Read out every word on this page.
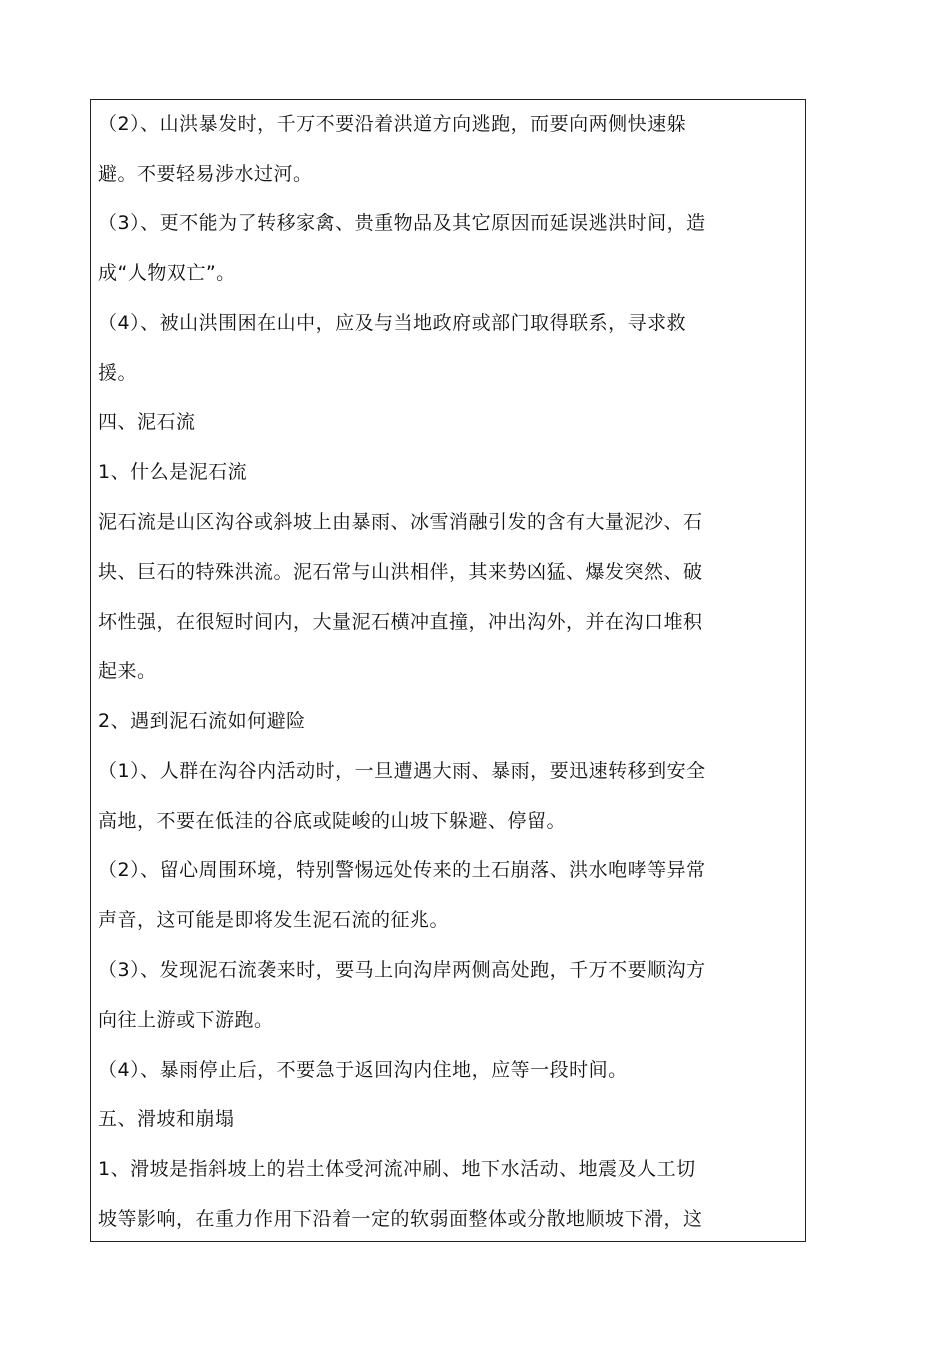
（2）、山洪暴发时，千万不要沿着洪道方向逃跑，而要向两侧快速躲
避。不要轻易涉水过河。
（3）、更不能为了转移家禽、贵重物品及其它原因而延误逃洪时间，造
成“人物双亡”。
（4）、被山洪围困在山中，应及与当地政府或部门取得联系，寻求救
援。
四、泥石流
1、什么是泥石流
泥石流是山区沟谷或斜坡上由暴雨、冰雪消融引发的含有大量泥沙、石
块、巨石的特殊洪流。泥石常与山洪相伴，其来势凶猛、爆发突然、破
坏性强，在很短时间内，大量泥石横冲直撞，冲出沟外，并在沟口堆积
起来。
2、遇到泥石流如何避险
（1）、人群在沟谷内活动时，一旦遭遇大雨、暴雨，要迅速转移到安全
高地，不要在低洼的谷底或陡峻的山坡下躲避、停留。
（2）、留心周围环境，特别警惕远处传来的土石崩落、洪水咆哮等异常
声音，这可能是即将发生泥石流的征兆。
（3）、发现泥石流袭来时，要马上向沟岸两侧高处跑，千万不要顺沟方
向往上游或下游跑。
（4）、暴雨停止后，不要急于返回沟内住地，应等一段时间。
五、滑坡和崩塌
1、滑坡是指斜坡上的岩土体受河流冲刷、地下水活动、地震及人工切
坡等影响，在重力作用下沿着一定的软弱面整体或分散地顺坡下滑，这
